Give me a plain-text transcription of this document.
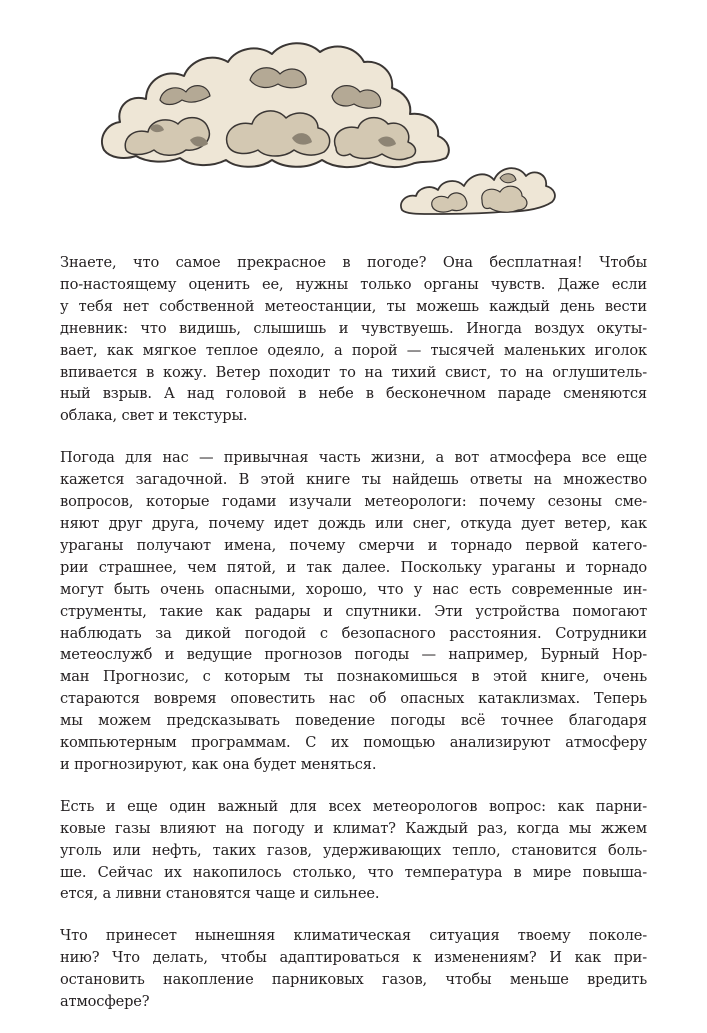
Знаете, что самое прекрасное в погоде? Она бесплатная! Чтобы
по-настоящему оценить ее, нужны только органы чувств. Даже если
у тебя нет собственной метеостанции, ты можешь каждый день вести
дневник: что видишь, слышишь и чувствуешь. Иногда воздух окуты-
вает, как мягкое теплое одеяло, а порой — тысячей маленьких иголок
впивается в кожу. Ветер походит то на тихий свист, то на оглушитель-
ный взрыв. А над головой в небе в бесконечном параде сменяются
облака, свет и текстуры.

Погода для нас — привычная часть жизни, а вот атмосфера все еще
кажется загадочной. В этой книге ты найдешь ответы на множество
вопросов, которые годами изучали метеорологи: почему сезоны сме-
няют друг друга, почему идет дождь или снег, откуда дует ветер, как
ураганы получают имена, почему смерчи и торнадо первой катего-
рии страшнее, чем пятой, и так далее. Поскольку ураганы и торнадо
могут быть очень опасными, хорошо, что у нас есть современные ин-
струменты, такие как радары и спутники. Эти устройства помогают
наблюдать за дикой погодой с безопасного расстояния. Сотрудники
метеослужб и ведущие прогнозов погоды — например, Бурный Нор-
ман Прогнозис, с которым ты познакомишься в этой книге, очень
стараются вовремя оповестить нас об опасных катаклизмах. Теперь
мы можем предсказывать поведение погоды всё точнее благодаря
компьютерным программам. С их помощью анализируют атмосферу
и прогнозируют, как она будет меняться.

Есть и еще один важный для всех метеорологов вопрос: как парни-
ковые газы влияют на погоду и климат? Каждый раз, когда мы жжем
уголь или нефть, таких газов, удерживающих тепло, становится боль-
ше. Сейчас их накопилось столько, что температура в мире повыша-
ется, а ливни становятся чаще и сильнее.

Что принесет нынешняя климатическая ситуация твоему поколе-
нию? Что делать, чтобы адаптироваться к изменениям? И как при-
остановить накопление парниковых газов, чтобы меньше вредить
атмосфере?
